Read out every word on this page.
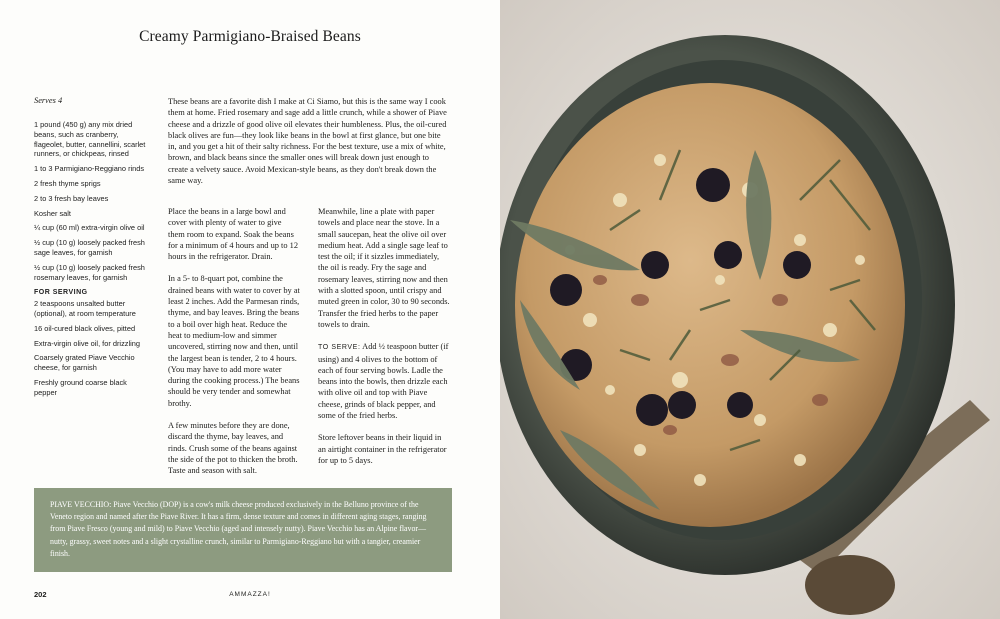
Creamy Parmigiano-Braised Beans
Serves 4
1 pound (450 g) any mix dried beans, such as cranberry, flageolet, butter, cannellini, scarlet runners, or chickpeas, rinsed
1 to 3 Parmigiano-Reggiano rinds
2 fresh thyme sprigs
2 to 3 fresh bay leaves
Kosher salt
¼ cup (60 ml) extra-virgin olive oil
½ cup (10 g) loosely packed fresh sage leaves, for garnish
½ cup (10 g) loosely packed fresh rosemary leaves, for garnish
FOR SERVING
2 teaspoons unsalted butter (optional), at room temperature
16 oil-cured black olives, pitted
Extra-virgin olive oil, for drizzling
Coarsely grated Piave Vecchio cheese, for garnish
Freshly ground coarse black pepper
These beans are a favorite dish I make at Ci Siamo, but this is the same way I cook them at home. Fried rosemary and sage add a little crunch, while a shower of Piave cheese and a drizzle of good olive oil elevates their humbleness. Plus, the oil-cured black olives are fun—they look like beans in the bowl at first glance, but one bite in, and you get a hit of their salty richness. For the best texture, use a mix of white, brown, and black beans since the smaller ones will break down just enough to create a velvety sauce. Avoid Mexican-style beans, as they don't break down the same way.

Place the beans in a large bowl and cover with plenty of water to give them room to expand. Soak the beans for a minimum of 4 hours and up to 12 hours in the refrigerator. Drain.

In a 5- to 8-quart pot, combine the drained beans with water to cover by at least 2 inches. Add the Parmesan rinds, thyme, and bay leaves. Bring the beans to a boil over high heat. Reduce the heat to medium-low and simmer uncovered, stirring now and then, until the largest bean is tender, 2 to 4 hours. (You may have to add more water during the cooking process.) The beans should be very tender and somewhat brothy.

A few minutes before they are done, discard the thyme, bay leaves, and rinds. Crush some of the beans against the side of the pot to thicken the broth. Taste and season with salt.

Meanwhile, line a plate with paper towels and place near the stove. In a small saucepan, heat the olive oil over medium heat. Add a single sage leaf to test the oil; if it sizzles immediately, the oil is ready. Fry the sage and rosemary leaves, stirring now and then with a slotted spoon, until crispy and muted green in color, 30 to 90 seconds. Transfer the fried herbs to the paper towels to drain.

TO SERVE: Add ½ teaspoon butter (if using) and 4 olives to the bottom of each of four serving bowls. Ladle the beans into the bowls, then drizzle each with olive oil and top with Piave cheese, grinds of black pepper, and some of the fried herbs.

Store leftover beans in their liquid in an airtight container in the refrigerator for up to 5 days.

PIAVE VECCHIO: Piave Vecchio (DOP) is a cow's milk cheese produced exclusively in the Belluno province of the Veneto region and named after the Piave River. It has a firm, dense texture and comes in different aging stages, ranging from Piave Fresco (young and mild) to Piave Vecchio (aged and intensely nutty). Piave Vecchio has an Alpine flavor—nutty, grassy, sweet notes and a slight crystalline crunch, similar to Parmigiano-Reggiano but with a tangier, creamier finish.
202	AMMAZZA!
